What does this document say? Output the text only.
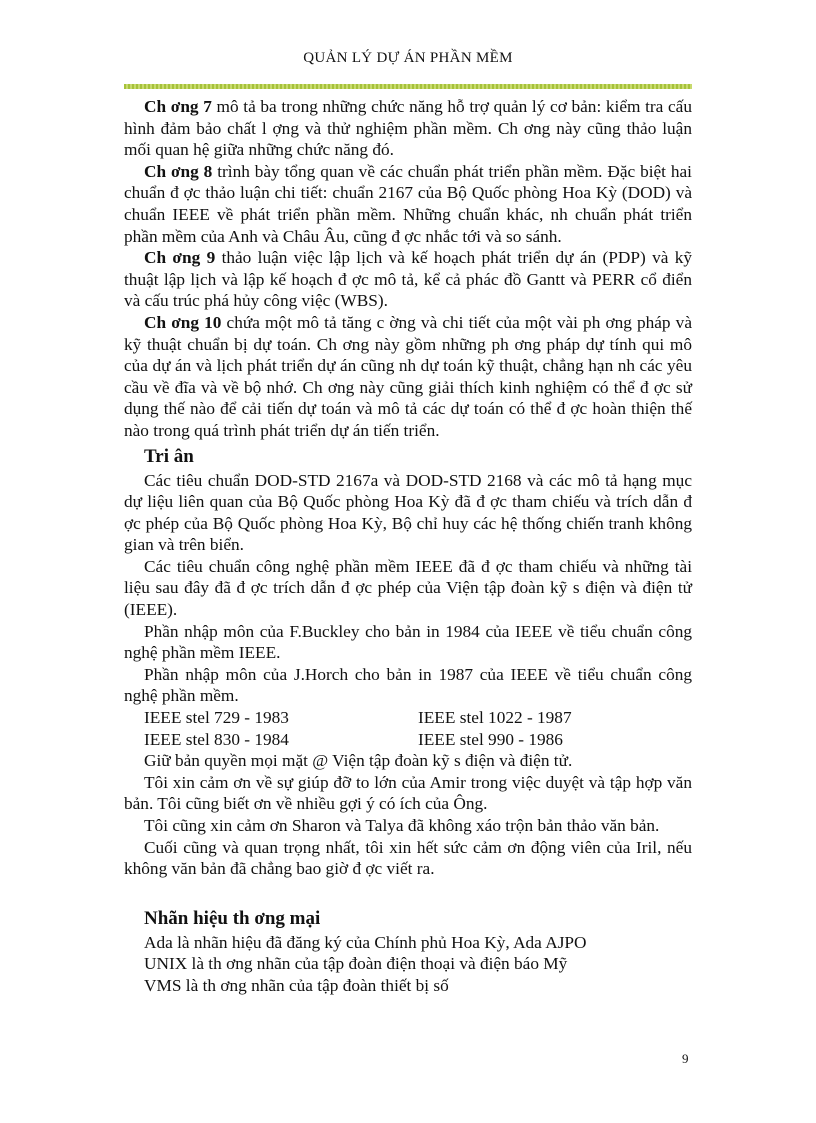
QUẢN LÝ DỰ ÁN PHẦN MỀM

Ch ơng 7 mô tả ba trong những chức năng hỗ trợ quản lý cơ bản: kiểm tra cấu hình đảm bảo chất l ợng và thử nghiệm phần mềm. Ch ơng này cũng thảo luận mối quan hệ giữa những chức năng đó.

Ch ơng 8 trình bày tổng quan về các chuẩn phát triển phần mềm. Đặc biệt hai chuẩn đ ợc thảo luận chi tiết: chuẩn 2167 của Bộ Quốc phòng Hoa Kỳ (DOD) và chuẩn IEEE về phát triển phần mềm. Những chuẩn khác, nh chuẩn phát triển phần mềm của Anh và Châu Âu, cũng đ ợc nhắc tới và so sánh.

Ch ơng 9 thảo luận việc lập lịch và kế hoạch phát triển dự án (PDP) và kỹ thuật lập lịch và lập kế hoạch đ ợc mô tả, kể cả phác đồ Gantt và PERR cổ điển và cấu trúc phá hủy công việc (WBS).

Ch ơng 10 chứa một mô tả tăng c ờng và chi tiết của một vài ph ơng pháp và kỹ thuật chuẩn bị dự toán. Ch ơng này gồm những ph ơng pháp dự tính qui mô của dự án và lịch phát triển dự án cũng nh dự toán kỹ thuật, chẳng hạn nh các yêu cầu về đĩa và về bộ nhớ. Ch ơng này cũng giải thích kinh nghiệm có thể đ ợc sử dụng thế nào để cải tiến dự toán và mô tả các dự toán có thể đ ợc hoàn thiện thế nào trong quá trình phát triển dự án tiến triển.

Tri ân

Các tiêu chuẩn DOD-STD 2167a và DOD-STD 2168 và các mô tả hạng mục dự liệu liên quan của Bộ Quốc phòng Hoa Kỳ đã đ ợc tham chiếu và trích dẫn đ ợc phép của Bộ Quốc phòng Hoa Kỳ, Bộ chỉ huy các hệ thống chiến tranh không gian và trên biển.

Các tiêu chuẩn công nghệ phần mềm IEEE đã đ ợc tham chiếu và những tài liệu sau đây đã đ ợc trích dẫn đ ợc phép của Viện tập đoàn kỹ s điện và điện tử (IEEE).

Phần nhập môn của F.Buckley cho bản in 1984 của IEEE về tiểu chuẩn công nghệ phần mềm IEEE.

Phần nhập môn của J.Horch cho bản in 1987 của IEEE về tiểu chuẩn công nghệ phần mềm.

IEEE stel 729 - 1983
IEEE stel 830 - 1984
IEEE stel 1022 - 1987
IEEE stel 990 - 1986

Giữ bản quyền mọi mặt @ Viện tập đoàn kỹ s điện và điện tử.

Tôi xin cảm ơn về sự giúp đỡ to lớn của Amir trong việc duyệt và tập hợp văn bản. Tôi cũng biết ơn về nhiều gợi ý có ích của Ông.

Tôi cũng xin cảm ơn Sharon và Talya đã không xáo trộn bản thảo văn bản.

Cuối cũng và quan trọng nhất, tôi xin hết sức cảm ơn động viên của Iril, nếu không văn bản đã chẳng bao giờ đ ợc viết ra.

Nhãn hiệu th ơng mại
Ada là nhãn hiệu đã đăng ký của Chính phủ Hoa Kỳ, Ada AJPO
UNIX là th ơng nhãn của tập đoàn điện thoại và điện báo Mỹ
VMS là th ơng nhãn của tập đoàn thiết bị số
9
